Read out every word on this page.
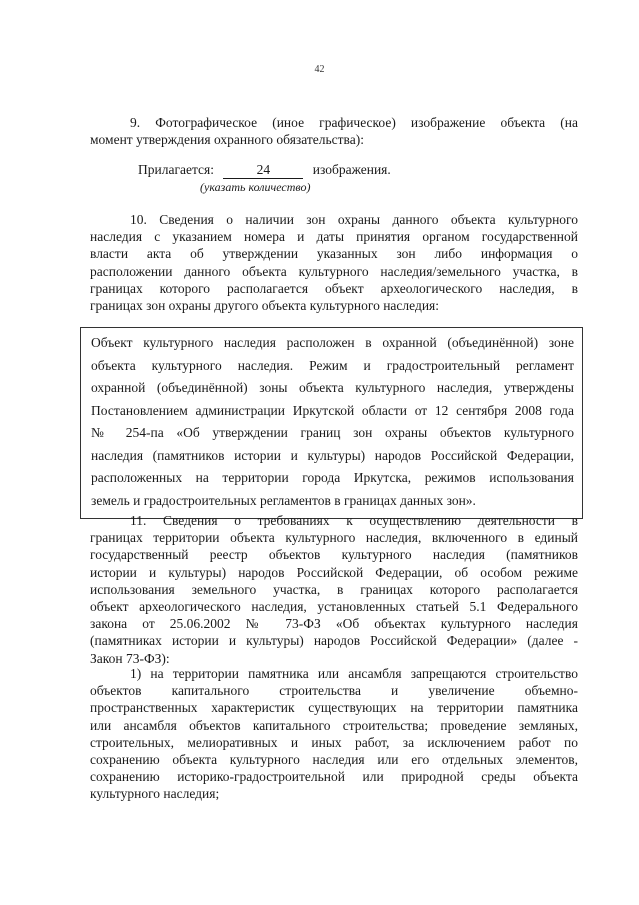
42
9. Фотографическое (иное графическое) изображение объекта (на
момент утверждения охранного обязательства):
Прилагается:	24	изображения.
(указать количество)
10. Сведения о наличии зон охраны данного объекта культурного
наследия с указанием номера и даты принятия органом государственной
власти акта об утверждении указанных зон либо информация о
расположении данного объекта культурного наследия/земельного участка, в
границах которого располагается объект археологического наследия, в
границах зон охраны другого объекта культурного наследия:
Объект культурного наследия расположен в охранной (объединённой) зоне
объекта культурного наследия. Режим и градостроительный регламент
охранной (объединённой) зоны объекта культурного наследия, утверждены
Постановлением администрации Иркутской области от 12 сентября 2008 года
№ 254-па «Об утверждении границ зон охраны объектов культурного
наследия (памятников истории и культуры) народов Российской Федерации,
расположенных на территории города Иркутска, режимов использования
земель и градостроительных регламентов в границах данных зон».
11. Сведения о требованиях к осуществлению деятельности в
границах территории объекта культурного наследия, включенного в единый
государственный реестр объектов культурного наследия (памятников
истории и культуры) народов Российской Федерации, об особом режиме
использования земельного участка, в границах которого располагается
объект археологического наследия, установленных статьей 5.1 Федерального
закона от 25.06.2002 № 73-ФЗ «Об объектах культурного наследия
(памятниках истории и культуры) народов Российской Федерации» (далее -
Закон 73-ФЗ):
1) на территории памятника или ансамбля запрещаются строительство
объектов капитального строительства и увеличение объемно-
пространственных характеристик существующих на территории памятника
или ансамбля объектов капитального строительства; проведение земляных,
строительных, мелиоративных и иных работ, за исключением работ по
сохранению объекта культурного наследия или его отдельных элементов,
сохранению историко-градостроительной или природной среды объекта
культурного наследия;
